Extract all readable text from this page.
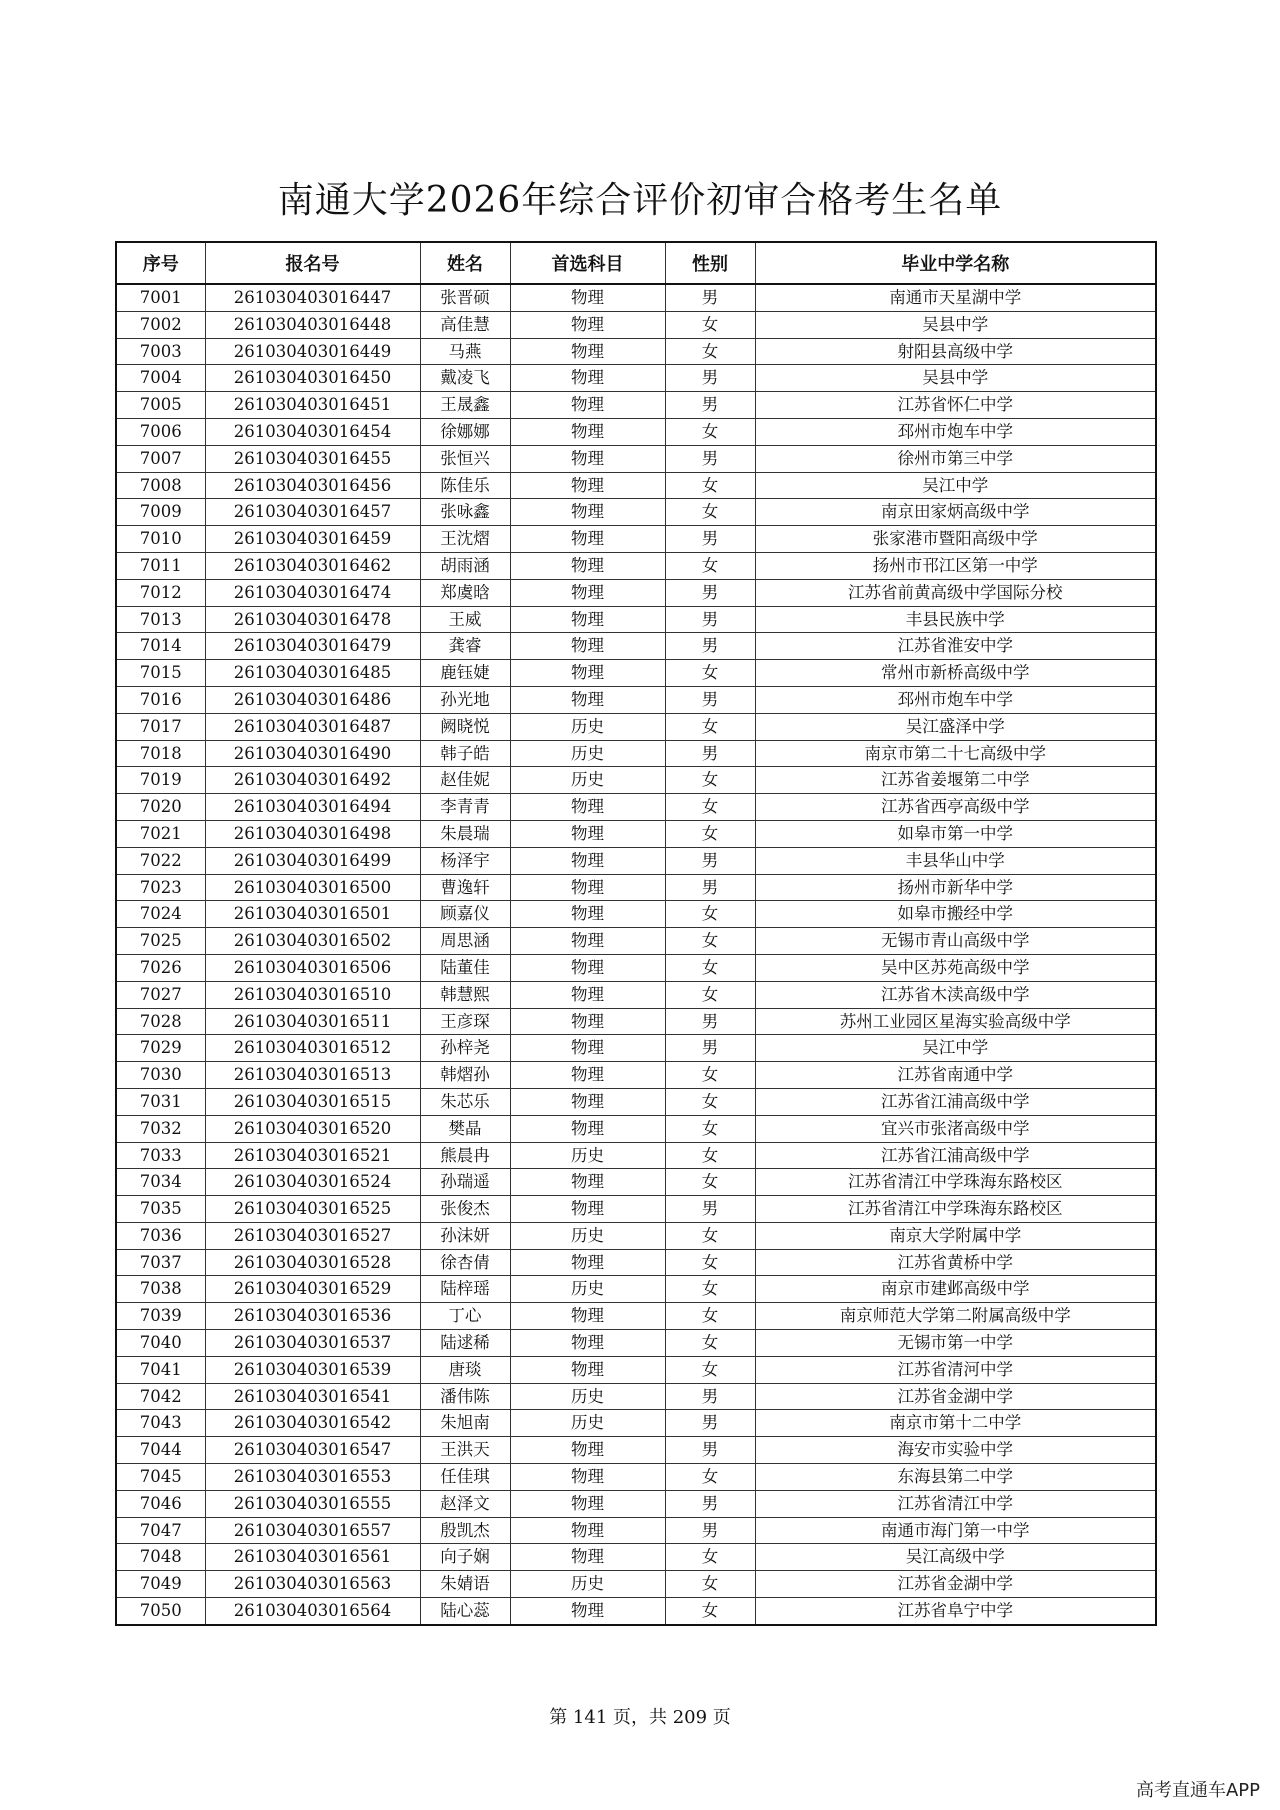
南通大学2026年综合评价初审合格考生名单
序号	报名号	姓名	首选科目	性别	毕业中学名称
7001	261030403016447	张晋硕	物理	男	南通市天星湖中学
7002	261030403016448	高佳慧	物理	女	吴县中学
7003	261030403016449	马燕	物理	女	射阳县高级中学
7004	261030403016450	戴凌飞	物理	男	吴县中学
7005	261030403016451	王晟鑫	物理	男	江苏省怀仁中学
7006	261030403016454	徐娜娜	物理	女	邳州市炮车中学
7007	261030403016455	张恒兴	物理	男	徐州市第三中学
7008	261030403016456	陈佳乐	物理	女	吴江中学
7009	261030403016457	张咏鑫	物理	女	南京田家炳高级中学
7010	261030403016459	王沈熠	物理	男	张家港市暨阳高级中学
7011	261030403016462	胡雨涵	物理	女	扬州市邗江区第一中学
7012	261030403016474	郑虞晗	物理	男	江苏省前黄高级中学国际分校
7013	261030403016478	王威	物理	男	丰县民族中学
7014	261030403016479	龚睿	物理	男	江苏省淮安中学
7015	261030403016485	鹿钰婕	物理	女	常州市新桥高级中学
7016	261030403016486	孙光地	物理	男	邳州市炮车中学
7017	261030403016487	阙晓悦	历史	女	吴江盛泽中学
7018	261030403016490	韩子皓	历史	男	南京市第二十七高级中学
7019	261030403016492	赵佳妮	历史	女	江苏省姜堰第二中学
7020	261030403016494	李青青	物理	女	江苏省西亭高级中学
7021	261030403016498	朱晨瑞	物理	女	如皋市第一中学
7022	261030403016499	杨泽宇	物理	男	丰县华山中学
7023	261030403016500	曹逸轩	物理	男	扬州市新华中学
7024	261030403016501	顾嘉仪	物理	女	如皋市搬经中学
7025	261030403016502	周思涵	物理	女	无锡市青山高级中学
7026	261030403016506	陆董佳	物理	女	吴中区苏苑高级中学
7027	261030403016510	韩慧熙	物理	女	江苏省木渎高级中学
7028	261030403016511	王彦琛	物理	男	苏州工业园区星海实验高级中学
7029	261030403016512	孙梓尧	物理	男	吴江中学
7030	261030403016513	韩熠孙	物理	女	江苏省南通中学
7031	261030403016515	朱芯乐	物理	女	江苏省江浦高级中学
7032	261030403016520	樊晶	物理	女	宜兴市张渚高级中学
7033	261030403016521	熊晨冉	历史	女	江苏省江浦高级中学
7034	261030403016524	孙瑞遥	物理	女	江苏省清江中学珠海东路校区
7035	261030403016525	张俊杰	物理	男	江苏省清江中学珠海东路校区
7036	261030403016527	孙沫妍	历史	女	南京大学附属中学
7037	261030403016528	徐杏倩	物理	女	江苏省黄桥中学
7038	261030403016529	陆梓瑶	历史	女	南京市建邺高级中学
7039	261030403016536	丁心	物理	女	南京师范大学第二附属高级中学
7040	261030403016537	陆逑稀	物理	女	无锡市第一中学
7041	261030403016539	唐琰	物理	女	江苏省清河中学
7042	261030403016541	潘伟陈	历史	男	江苏省金湖中学
7043	261030403016542	朱旭南	历史	男	南京市第十二中学
7044	261030403016547	王洪天	物理	男	海安市实验中学
7045	261030403016553	任佳琪	物理	女	东海县第二中学
7046	261030403016555	赵泽文	物理	男	江苏省清江中学
7047	261030403016557	殷凯杰	物理	男	南通市海门第一中学
7048	261030403016561	向子娴	物理	女	吴江高级中学
7049	261030403016563	朱婧语	历史	女	江苏省金湖中学
7050	261030403016564	陆心蕊	物理	女	江苏省阜宁中学
第 141 页，共 209 页
高考直通车APP
